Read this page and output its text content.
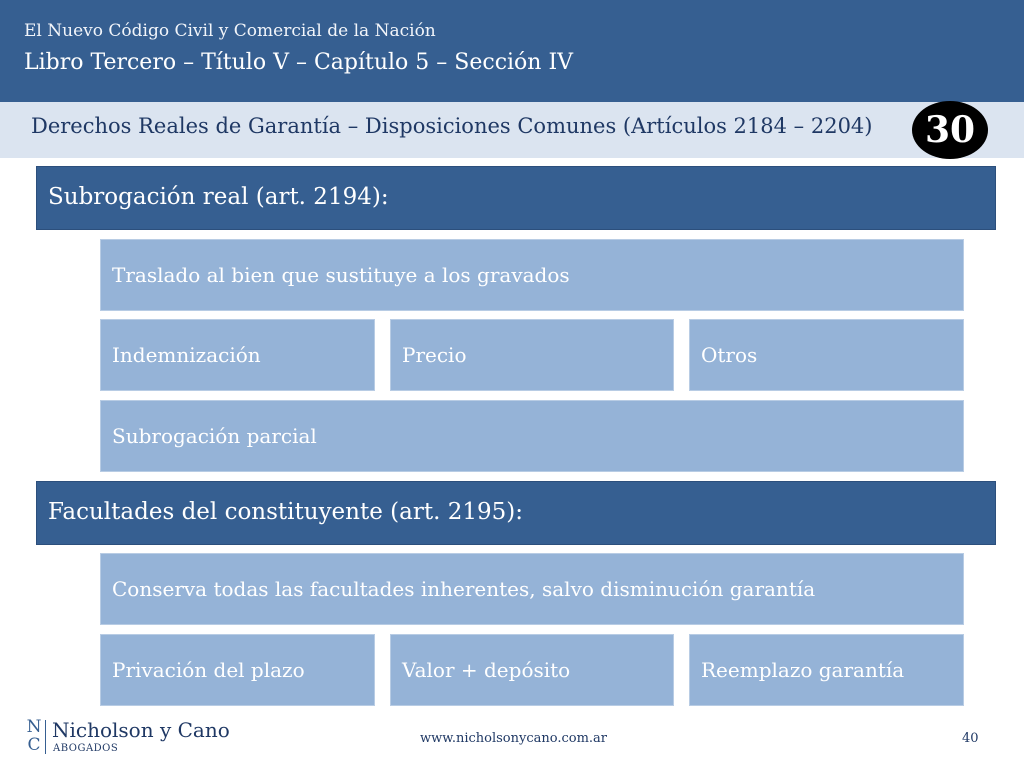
El Nuevo Código Civil y Comercial de la Nación
Libro Tercero – Título V – Capítulo 5 – Sección IV
Derechos Reales de Garantía – Disposiciones Comunes (Artículos 2184 – 2204)	30
Subrogación real (art. 2194):
Traslado al bien que sustituye a los gravados
Indemnización	Precio	Otros
Subrogación parcial
Facultades del constituyente (art. 2195):
Conserva todas las facultades inherentes, salvo disminución garantía
Privación del plazo	Valor + depósito	Reemplazo garantía
N
C
Nicholson y Cano
ABOGADOS
www.nicholsonycano.com.ar	40
